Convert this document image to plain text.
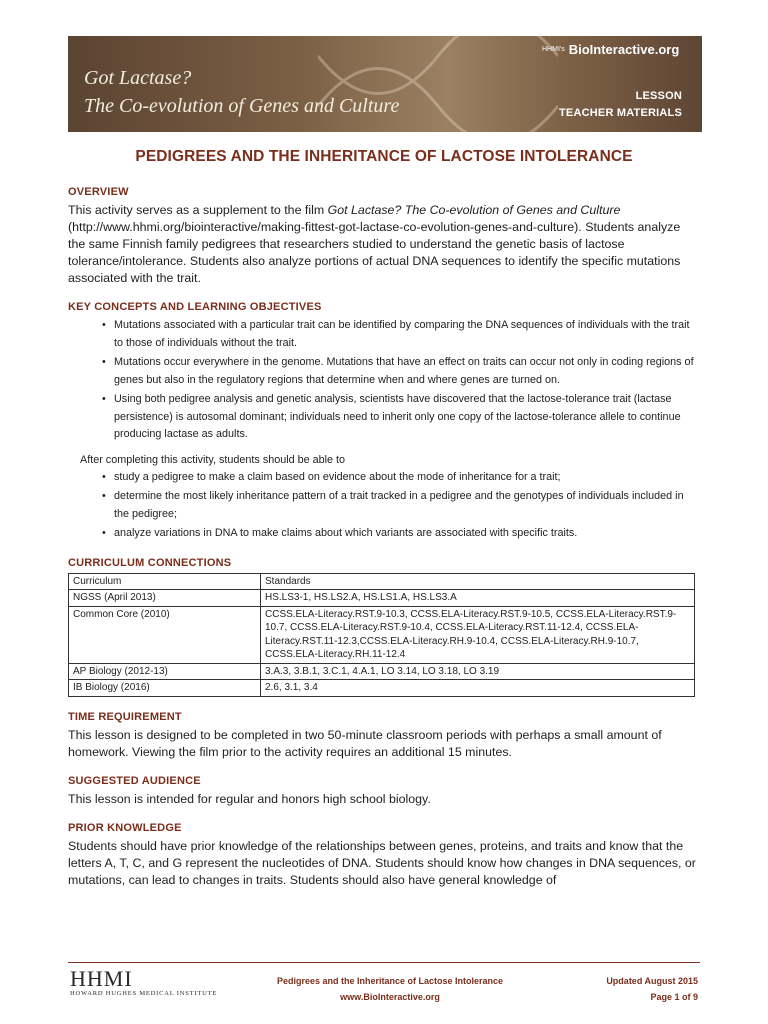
Got Lactase?
The Co-evolution of Genes and Culture
HHMI's BioInteractive.org
LESSON
TEACHER MATERIALS
PEDIGREES AND THE INHERITANCE OF LACTOSE INTOLERANCE
OVERVIEW
This activity serves as a supplement to the film Got Lactase? The Co-evolution of Genes and Culture (http://www.hhmi.org/biointeractive/making-fittest-got-lactase-co-evolution-genes-and-culture). Students analyze the same Finnish family pedigrees that researchers studied to understand the genetic basis of lactose tolerance/intolerance. Students also analyze portions of actual DNA sequences to identify the specific mutations associated with the trait.
KEY CONCEPTS AND LEARNING OBJECTIVES
• Mutations associated with a particular trait can be identified by comparing the DNA sequences of individuals with the trait to those of individuals without the trait.
• Mutations occur everywhere in the genome. Mutations that have an effect on traits can occur not only in coding regions of genes but also in the regulatory regions that determine when and where genes are turned on.
• Using both pedigree analysis and genetic analysis, scientists have discovered that the lactose-tolerance trait (lactase persistence) is autosomal dominant; individuals need to inherit only one copy of the lactose-tolerance allele to continue producing lactase as adults.
After completing this activity, students should be able to
• study a pedigree to make a claim based on evidence about the mode of inheritance for a trait;
• determine the most likely inheritance pattern of a trait tracked in a pedigree and the genotypes of individuals included in the pedigree;
• analyze variations in DNA to make claims about which variants are associated with specific traits.
CURRICULUM CONNECTIONS
Curriculum	Standards
NGSS (April 2013)	HS.LS3-1, HS.LS2.A, HS.LS1.A, HS.LS3.A
Common Core (2010)	CCSS.ELA-Literacy.RST.9-10.3, CCSS.ELA-Literacy.RST.9-10.5, CCSS.ELA-Literacy.RST.9-10.7, CCSS.ELA-Literacy.RST.9-10.4, CCSS.ELA-Literacy.RST.11-12.4, CCSS.ELA-Literacy.RST.11-12.3,CCSS.ELA-Literacy.RH.9-10.4, CCSS.ELA-Literacy.RH.9-10.7, CCSS.ELA-Literacy.RH.11-12.4
AP Biology (2012-13)	3.A.3, 3.B.1, 3.C.1, 4.A.1, LO 3.14, LO 3.18, LO 3.19
IB Biology (2016)	2.6, 3.1, 3.4
TIME REQUIREMENT
This lesson is designed to be completed in two 50-minute classroom periods with perhaps a small amount of homework. Viewing the film prior to the activity requires an additional 15 minutes.
SUGGESTED AUDIENCE
This lesson is intended for regular and honors high school biology.
PRIOR KNOWLEDGE
Students should have prior knowledge of the relationships between genes, proteins, and traits and know that the letters A, T, C, and G represent the nucleotides of DNA. Students should know how changes in DNA sequences, or mutations, can lead to changes in traits. Students should also have general knowledge of
HHMI
HOWARD HUGHES MEDICAL INSTITUTE
Pedigrees and the Inheritance of Lactose Intolerance
www.BioInteractive.org
Updated August 2015
Page 1 of 9
